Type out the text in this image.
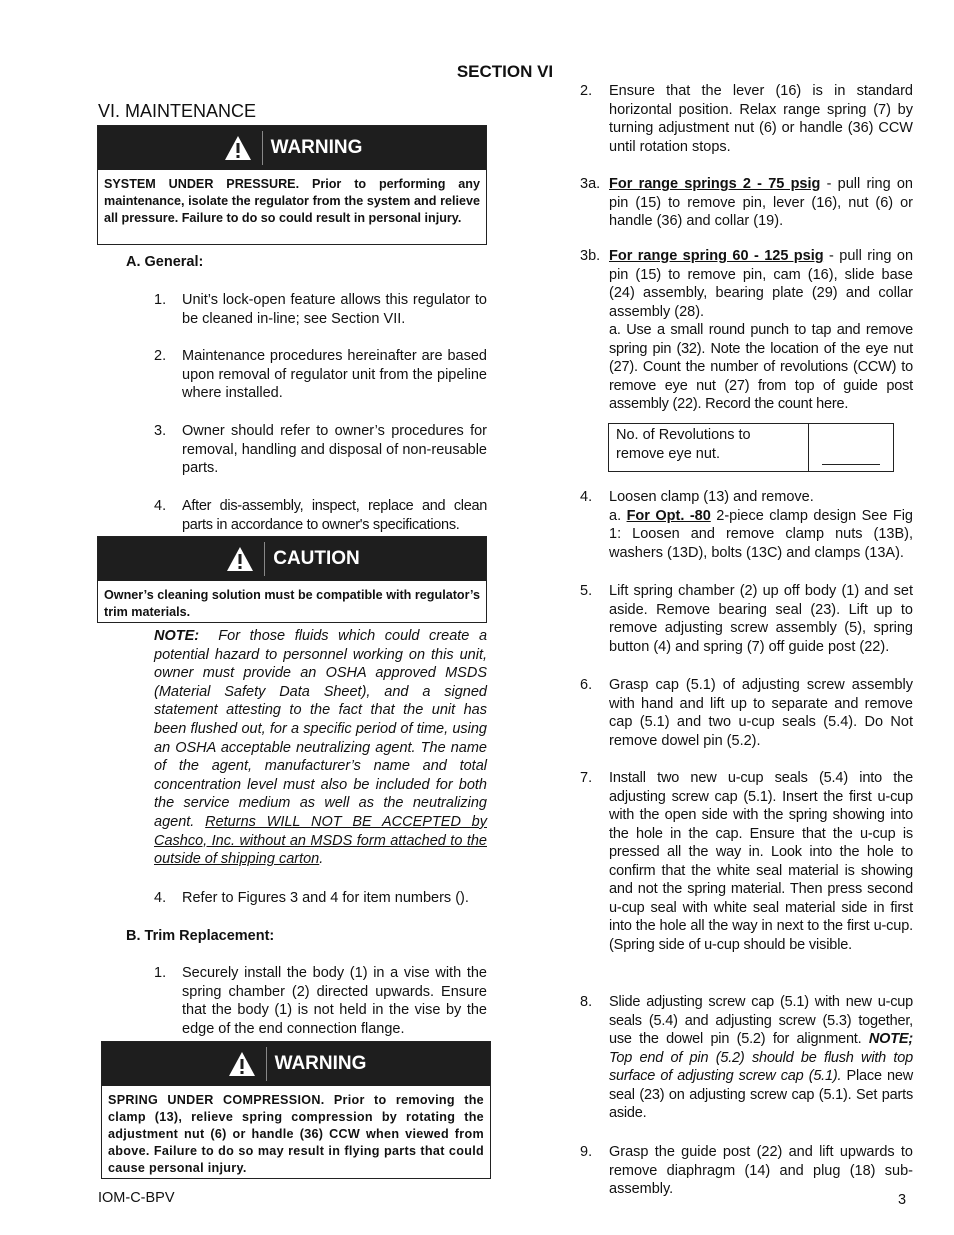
SECTION VI
VI. MAINTENANCE
WARNING
SYSTEM UNDER PRESSURE. Prior to performing any maintenance, isolate the regulator from the system and relieve all pressure. Failure to do so could result in personal injury.
A. General:
1. Unit’s lock-open feature allows this regulator to be cleaned in-line; see Section VII.
2. Maintenance procedures hereinafter are based upon removal of regulator unit from the pipeline where installed.
3. Owner should refer to owner’s procedures for removal, handling and disposal of non-reusable parts.
4. After dis-assembly, inspect, replace and clean parts in accordance to owner's specifications.
CAUTION
Owner’s cleaning solution must be compatible with regulator’s trim materials.
NOTE: For those fluids which could create a potential hazard to personnel working on this unit, owner must provide an OSHA approved MSDS (Material Safety Data Sheet), and a signed statement attesting to the fact that the unit has been flushed out, for a specific period of time, using an OSHA acceptable neutralizing agent. The name of the agent, manufacturer’s name and total concentration level must also be included for both the service medium as well as the neutralizing agent. Returns WILL NOT BE ACCEPTED by Cashco, Inc. without an MSDS form attached to the outside of shipping carton.
4. Refer to Figures 3 and 4 for item numbers ().
B. Trim Replacement:
1. Securely install the body (1) in a vise with the spring chamber (2) directed upwards. Ensure that the body (1) is not held in the vise by the edge of the end connection flange.
WARNING
SPRING UNDER COMPRESSION. Prior to removing the clamp (13), relieve spring compression by rotating the adjustment nut (6) or handle (36) CCW when viewed from above. Failure to do so may result in flying parts that could cause personal injury.
2. Ensure that the lever (16) is in standard horizontal position. Relax range spring (7) by turning adjustment nut (6) or handle (36) CCW until rotation stops.
3a. For range springs 2 - 75 psig - pull ring on pin (15) to remove pin, lever (16), nut (6) or handle (36) and collar (19).
3b. For range spring 60 - 125 psig - pull ring on pin (15) to remove pin, cam (16), slide base (24) assembly, bearing plate (29) and collar assembly (28).
a. Use a small round punch to tap and remove spring pin (32). Note the location of the eye nut (27). Count the number of revolutions (CCW) to remove eye nut (27) from top of guide post assembly (22). Record the count here.
No. of Revolutions to remove eye nut.
4. Loosen clamp (13) and remove.
a. For Opt. -80 2-piece clamp design See Fig 1: Loosen and remove clamp nuts (13B), washers (13D), bolts (13C) and clamps (13A).
5. Lift spring chamber (2) up off body (1) and set aside. Remove bearing seal (23). Lift up to remove adjusting screw assembly (5), spring button (4) and spring (7) off guide post (22).
6. Grasp cap (5.1) of adjusting screw assembly with hand and lift up to separate and remove cap (5.1) and two u-cup seals (5.4). Do Not remove dowel pin (5.2).
7. Install two new u-cup seals (5.4) into the adjusting screw cap (5.1). Insert the first u-cup with the open side with the spring showing into the hole in the cap. Ensure that the u-cup is pressed all the way in. Look into the hole to confirm that the white seal material is showing and not the spring material. Then press second u-cup seal with white seal material side in first into the hole all the way in next to the first u-cup. (Spring side of u-cup should be visible.
8. Slide adjusting screw cap (5.1) with new u-cup seals (5.4) and adjusting screw (5.3) together, use the dowel pin (5.2) for alignment. NOTE; Top end of pin (5.2) should be flush with top surface of adjusting screw cap (5.1). Place new seal (23) on adjusting screw cap (5.1). Set parts aside.
9. Grasp the guide post (22) and lift upwards to remove diaphragm (14) and plug (18) sub-assembly.
IOM-C-BPV	3
